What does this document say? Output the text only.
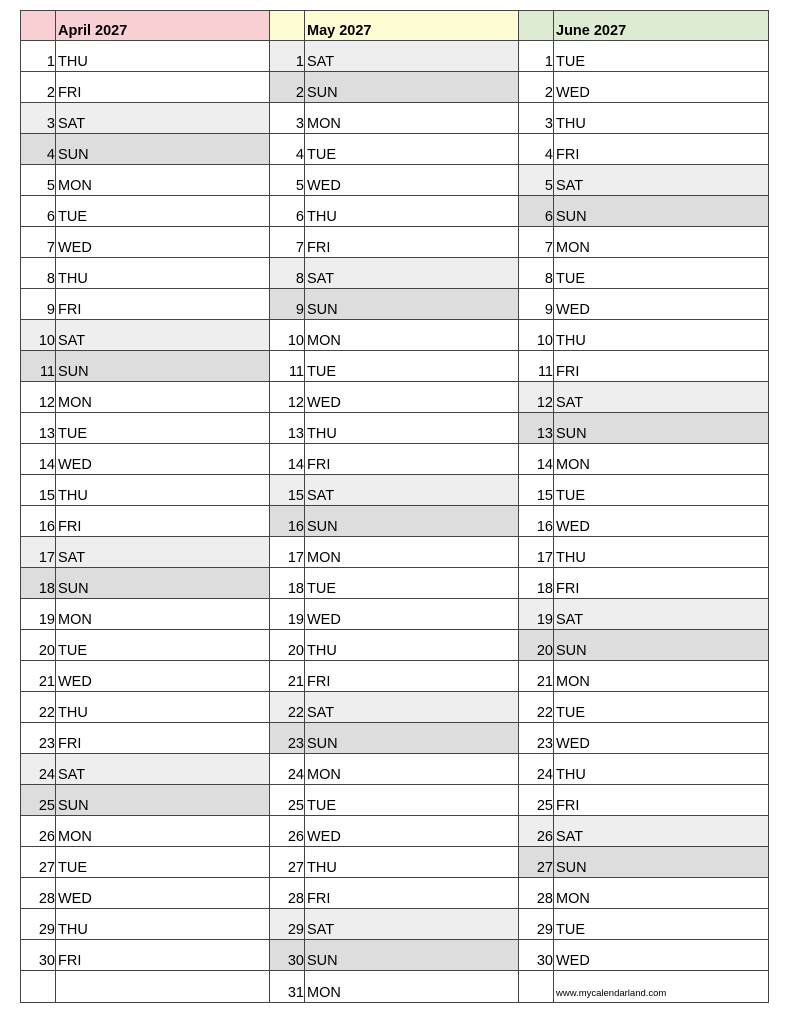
April 2027
1 THU
2 FRI
3 SAT
4 SUN
5 MON
6 TUE
7 WED
8 THU
9 FRI
10 SAT
11 SUN
12 MON
13 TUE
14 WED
15 THU
16 FRI
17 SAT
18 SUN
19 MON
20 TUE
21 WED
22 THU
23 FRI
24 SAT
25 SUN
26 MON
27 TUE
28 WED
29 THU
30 FRI
May 2027
1 SAT
2 SUN
3 MON
4 TUE
5 WED
6 THU
7 FRI
8 SAT
9 SUN
10 MON
11 TUE
12 WED
13 THU
14 FRI
15 SAT
16 SUN
17 MON
18 TUE
19 WED
20 THU
21 FRI
22 SAT
23 SUN
24 MON
25 TUE
26 WED
27 THU
28 FRI
29 SAT
30 SUN
31 MON
June 2027
1 TUE
2 WED
3 THU
4 FRI
5 SAT
6 SUN
7 MON
8 TUE
9 WED
10 THU
11 FRI
12 SAT
13 SUN
14 MON
15 TUE
16 WED
17 THU
18 FRI
19 SAT
20 SUN
21 MON
22 TUE
23 WED
24 THU
25 FRI
26 SAT
27 SUN
28 MON
29 TUE
30 WED
www.mycalendarland.com
